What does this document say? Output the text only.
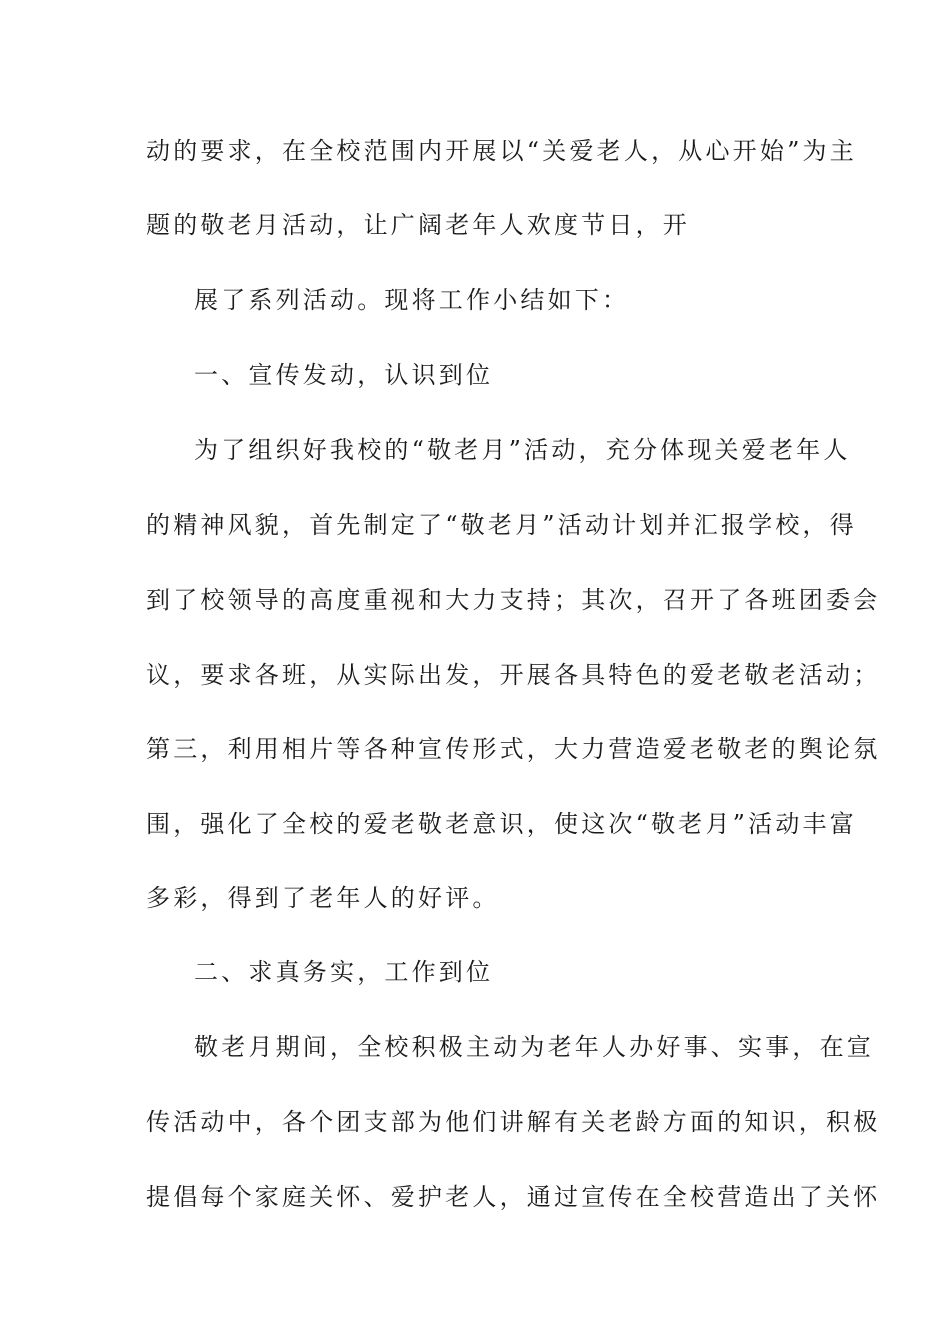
动的要求，在全校范围内开展以“关爱老人，从心开始”为主
题的敬老月活动，让广阔老年人欢度节日，开
展了系列活动。现将工作小结如下：
一、宣传发动，认识到位
为了组织好我校的“敬老月”活动，充分体现关爱老年人
的精神风貌，首先制定了“敬老月”活动计划并汇报学校，得
到了校领导的高度重视和大力支持；其次，召开了各班团委会
议，要求各班，从实际出发，开展各具特色的爱老敬老活动；
第三，利用相片等各种宣传形式，大力营造爱老敬老的舆论氛
围，强化了全校的爱老敬老意识，使这次“敬老月”活动丰富
多彩，得到了老年人的好评。
二、求真务实，工作到位
敬老月期间，全校积极主动为老年人办好事、实事，在宣
传活动中，各个团支部为他们讲解有关老龄方面的知识，积极
提倡每个家庭关怀、爱护老人，通过宣传在全校营造出了关怀
